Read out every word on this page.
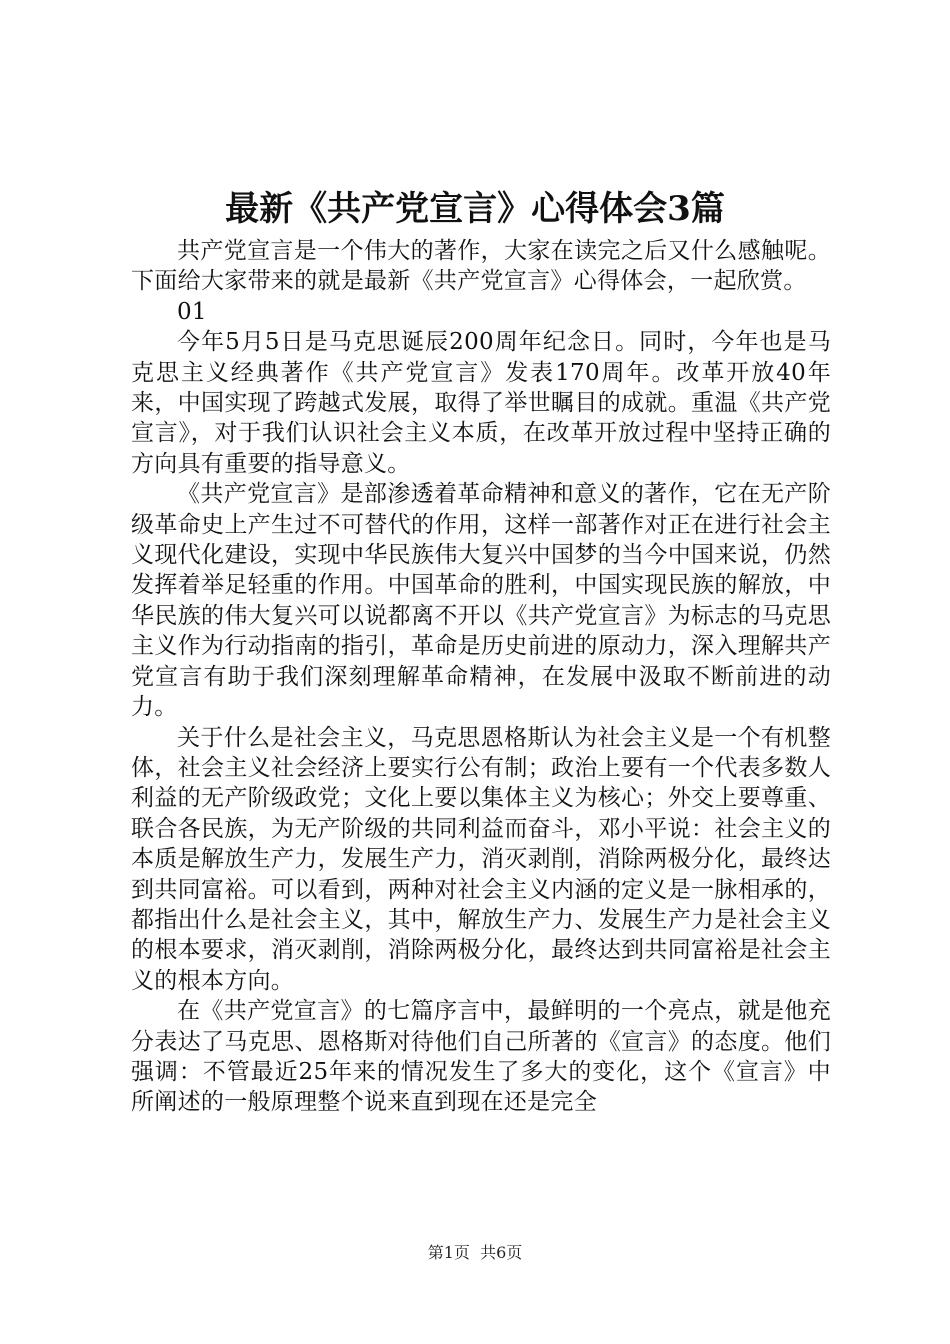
最新《共产党宣言》心得体会3篇

共产党宣言是一个伟大的著作，大家在读完之后又什么感触呢。下面给大家带来的就是最新《共产党宣言》心得体会，一起欣赏。

01

今年5月5日是马克思诞辰200周年纪念日。同时，今年也是马克思主义经典著作《共产党宣言》发表170周年。改革开放40年来，中国实现了跨越式发展，取得了举世瞩目的成就。重温《共产党宣言》，对于我们认识社会主义本质，在改革开放过程中坚持正确的方向具有重要的指导意义。

《共产党宣言》是部渗透着革命精神和意义的著作，它在无产阶级革命史上产生过不可替代的作用，这样一部著作对正在进行社会主义现代化建设，实现中华民族伟大复兴中国梦的当今中国来说，仍然发挥着举足轻重的作用。中国革命的胜利，中国实现民族的解放，中华民族的伟大复兴可以说都离不开以《共产党宣言》为标志的马克思主义作为行动指南的指引，革命是历史前进的原动力，深入理解共产党宣言有助于我们深刻理解革命精神，在发展中汲取不断前进的动力。

关于什么是社会主义，马克思恩格斯认为社会主义是一个有机整体，社会主义社会经济上要实行公有制；政治上要有一个代表多数人利益的无产阶级政党；文化上要以集体主义为核心；外交上要尊重、联合各民族，为无产阶级的共同利益而奋斗，邓小平说：社会主义的本质是解放生产力，发展生产力，消灭剥削，消除两极分化，最终达到共同富裕。可以看到，两种对社会主义内涵的定义是一脉相承的，都指出什么是社会主义，其中，解放生产力、发展生产力是社会主义的根本要求，消灭剥削，消除两极分化，最终达到共同富裕是社会主义的根本方向。

在《共产党宣言》的七篇序言中，最鲜明的一个亮点，就是他充分表达了马克思、恩格斯对待他们自己所著的《宣言》的态度。他们强调：不管最近25年来的情况发生了多大的变化，这个《宣言》中所阐述的一般原理整个说来直到现在还是完全

第1页 共6页
